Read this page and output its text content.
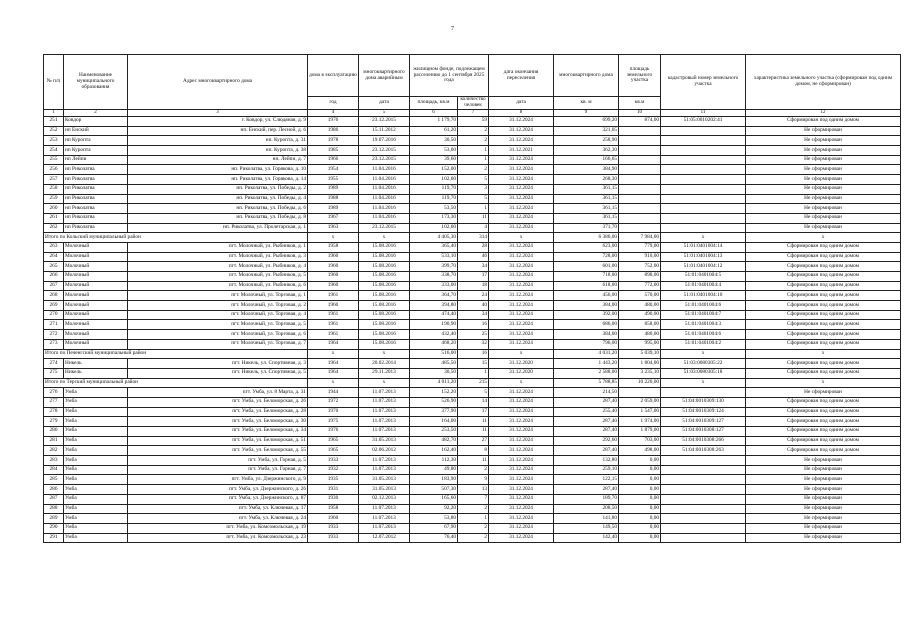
7
№ п/п	Наименование муниципального образования	Адрес многоквартирного дома	дома в эксплуатацию	многоквартирного дома аварийным	жилищном фонде, подлежащем расселению до 1 сентября 2025 года		дата окончания переселения	многоквартирного дома	площадь земельного участка	кадастровый номер земельного участка	характеристика земельного участка (сформирован под одним домом, не сформирован)
			год	дата	площадь, кв.м	количество человек	дата	кв. м	кв.м		
1	2	3	4	5	6	7	8	9	10	11	12
251	Ковдор	г. Ковдор, ул. Слюдяная, д. 9	1976	23.12.2015	1 179,70	59	31.12.2024	699,20	874,00	51:05:0010202:41	Сформирован под одним домом
252	нп Енский	нп. Енский, пер. Лесной, д. 6	1986	15.11.2012	61,20	2	31.12.2024	321,05			Не сформирован
253	нп Куропта	нп. Куропта, д. 31	1978	19.07.2016	30,50	2	31.12.2024	258,90			Не сформирован
254	нп Куропта	нп. Куропта, д. 38	1985	23.12.2015	53,60	1	31.12.2021	362,30			Не сформирован
255	нп Лейпи	нп. Лейпи, д. 7	1966	23.12.2015	39,60	1	31.12.2024	166,65			Не сформирован
256	нп Риколатва	нп. Риколатва, ул. Горякова, д. 10	1954	11.04.2016	152,00	2	31.12.2024	384,90			Не сформирован
257	нп Риколатва	нп. Риколатва, ул. Горякова, д. 14	1955	11.04.2016	102,60	5	31.12.2024	268,30			Не сформирован
258	нп Риколатва	нп. Риколатва, ул. Победы, д. 2	1989	11.04.2016	119,70	3	31.12.2024	361,15			Не сформирован
259	нп Риколатва	нп. Риколатва, ул. Победы, д. 4	1988	11.04.2016	119,70	5	31.12.2024	361,15			Не сформирован
260	нп Риколатва	нп. Риколатва, ул. Победы, д. 6	1989	11.04.2016	53,50	1	31.12.2024	361,15			Не сформирован
261	нп Риколатва	нп. Риколатва, ул. Победы, д. 8	1967	11.04.2016	173,30	11	31.12.2024	361,15			Не сформирован
262	нп Риколатва	нп. Риколатва, ул. Пролетарская, д. 1	1963	23.12.2015	102,60	4	31.12.2024	371,70			Не сформирован
Итого по Кольский муниципальный район			х	х	4 405,30	314	х	6 386,00	7 984,00	х	х
263	Молочный	пгт. Молочный, ул. Рыбников, д. 1	1958	15.08.2016	365,40	28	31.12.2024	623,00	779,00	51:01:0401004:14	Сформирован под одним домом
264	Молочный	пгт. Молочный, ул. Рыбников, д. 3	1960	15.08.2016	533,10	46	31.12.2024	728,00	910,00	51:01:0401004:13	Сформирован под одним домом
265	Молочный	пгт. Молочный, ул. Рыбников, д. 4	1960	15.08.2016	399,70	34	31.12.2024	601,00	752,00	51:01:0401004:12	Сформирован под одним домом
266	Молочный	пгт. Молочный, ул. Рыбников, д. 5	1960	15.08.2016	338,70	17	31.12.2024	718,00	898,00	51:01:0401004:5	Сформирован под одним домом
267	Молочный	пгт. Молочный, ул. Рыбников, д. 6	1960	15.08.2016	333,00	18	31.12.2024	618,00	772,00	51:01:0401004:4	Сформирован под одним домом
268	Молочный	пгт. Молочный, ул. Торговая, д. 1	1961	15.08.2016	364,70	24	31.12.2024	456,00	570,00	51:01:0401004:10	Сформирован под одним домом
269	Молочный	пгт. Молочный, ул. Торговая, д. 2	1960	15.08.2016	394,80	40	31.12.2024	384,00	480,00	51:01:0401004:6	Сформирован под одним домом
270	Молочный	пгт. Молочный, ул. Торговая, д. 4	1961	15.08.2016	474,40	34	31.12.2024	392,00	490,00	51:01:0401004:7	Сформирован под одним домом
271	Молочный	пгт. Молочный, ул. Торговая, д. 5	1961	15.08.2016	190,90	16	31.12.2024	686,00	858,00	51:01:0401004:3	Сформирован под одним домом
272	Молочный	пгт. Молочный, ул. Торговая, д. 6	1961	15.08.2016	432,40	25	31.12.2024	384,00	480,00	51:01:0401004:6	Сформирован под одним домом
273	Молочный	пгт. Молочный, ул. Торговая, д. 7	1964	15.08.2016	468,20	32	31.12.2024	796,00	995,00	51:01:0401004:2	Сформирован под одним домом
Итого по Печенгский муниципальный район			х	х	516,00	16	х	4 031,20	5 039,10	х	х
274	Никель	пгт. Никель, ул. Спортивная, д. 3	1964	20.02.2014	485,50	15	31.12.2020	1 443,20	1 804,00	51:03:0080305:22	Сформирован под одним домом
275	Никель	пгт. Никель, ул. Спортивная, д. 5	1964	29.11.2013	30,50	1	31.12.2020	2 588,00	3 235,10	51:03:0080305:18	Сформирован под одним домом
Итого по Терский муниципальный район			х	х	4 011,20	215	х	5 788,85	10 220,00	х	х
276	Умба	пгт. Умба, ул. 8 Марта, д. 31	1944	11.07.2013	152,20	5	31.12.2024	214,50			Не сформирован
277	Умба	пгт. Умба, ул. Беломорская, д. 26	1972	11.07.2013	526,90	14	31.12.2024	287,40	2 059,00	51:04:0010309:130	Сформирован под одним домом
278	Умба	пгт. Умба, ул. Беломорская, д. 28	1970	11.07.2013	377,90	17	31.12.2024	255,40	1 547,00	51:04:0010309:124	Сформирован под одним домом
279	Умба	пгт. Умба, ул. Беломорская, д. 30	1975	11.07.2013	164,00	11	31.12.2024	287,40	1 974,00	51:04:0010309:127	Сформирован под одним домом
280	Умба	пгт. Умба, ул. Беломорская, д. 34	1976	11.07.2013	253,50	11	31.12.2024	287,40	1 879,00	51:04:0010308:127	Сформирован под одним домом
281	Умба	пгт. Умба, ул. Беломорская, д. 51	1965	31.05.2013	482,70	27	31.12.2024	292,60	703,00	51:04:0010308:266	Сформирован под одним домом
282	Умба	пгт. Умба, ул. Беломорская, д. 55	1965	02.06.2012	162,40	8	31.12.2024	287,40	498,00	51:04:0010308:263	Сформирован под одним домом
283	Умба	пгт. Умба, ул. Горная, д. 5	1933	11.07.2013	112,30	11	31.12.2024	132,80	0,00		Не сформирован
284	Умба	пгт. Умба, ул. Горная, д. 7	1932	11.07.2013	49,80	2	31.12.2024	259,10	0,00		Не сформирован
285	Умба	пгт. Умба, ул. Дзержинского, д. 9	1935	31.05.2013	183,90	9	31.12.2024	122,15	0,00		Не сформирован
286	Умба	пгт. Умба, ул. Дзержинского, д. 26	1931	31.05.2013	507,30	13	31.12.2024	287,40	0,00		Не сформирован
287	Умба	пгт. Умба, ул. Дзержинского, д. 87	1930	02.12.2013	165,60	7	31.12.2024	189,70	0,00		Не сформирован
288	Умба	пгт. Умба, ул. Ключевая, д. 17	1958	11.07.2013	92,20	2	31.12.2024	208,50	0,00		Не сформирован
289	Умба	пгт. Умба, ул. Ключевая, д. 24	1960	11.07.2013	53,80	1	31.12.2024	141,80	0,00		Не сформирован
290	Умба	пгт. Умба, ул. Комсомольская, д. 19	1933	11.07.2013	67,90	2	31.12.2024	149,50	0,00		Не сформирован
291	Умба	пгт. Умба, ул. Комсомольская, д. 23	1933	12.07.2012	76,40	2	31.12.2024	142,40	0,00		Не сформирован
